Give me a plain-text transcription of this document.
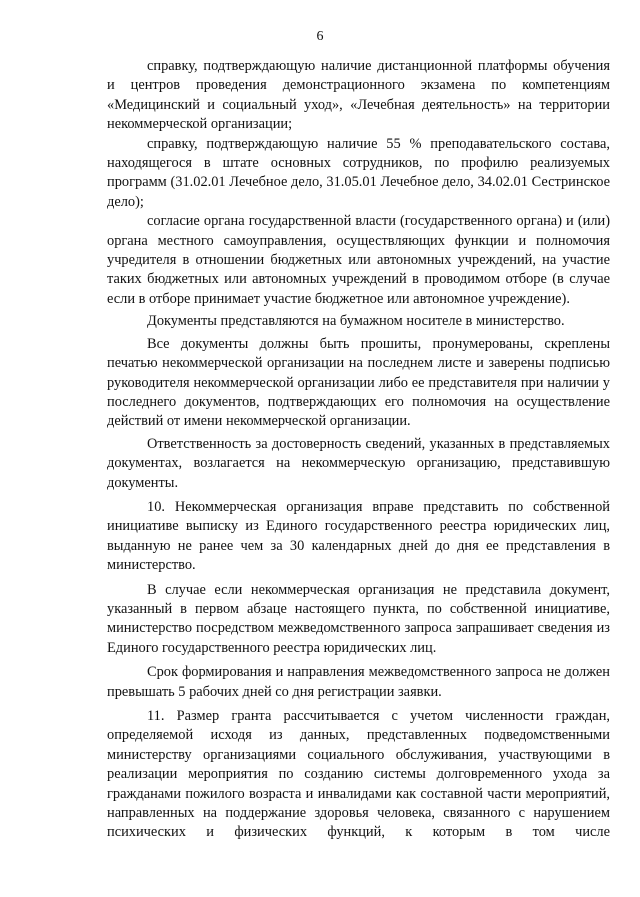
6

справку, подтверждающую наличие дистанционной платформы обучения и центров проведения демонстрационного экзамена по компетенциям «Медицинский и социальный уход», «Лечебная деятельность» на территории некоммерческой организации;

справку, подтверждающую наличие 55 % преподавательского состава, находящегося в штате основных сотрудников, по профилю реализуемых программ (31.02.01 Лечебное дело, 31.05.01 Лечебное дело, 34.02.01 Сестринское дело);

согласие органа государственной власти (государственного органа) и (или) органа местного самоуправления, осуществляющих функции и полномочия учредителя в отношении бюджетных или автономных учреждений, на участие таких бюджетных или автономных учреждений в проводимом отборе (в случае если в отборе принимает участие бюджетное или автономное учреждение).

Документы представляются на бумажном носителе в министерство.

Все документы должны быть прошиты, пронумерованы, скреплены печатью некоммерческой организации на последнем листе и заверены подписью руководителя некоммерческой организации либо ее представителя при наличии у последнего документов, подтверждающих его полномочия на осуществление действий от имени некоммерческой организации.

Ответственность за достоверность сведений, указанных в представляемых документах, возлагается на некоммерческую организацию, представившую документы.

10. Некоммерческая организация вправе представить по собственной инициативе выписку из Единого государственного реестра юридических лиц, выданную не ранее чем за 30 календарных дней до дня ее представления в министерство.

В случае если некоммерческая организация не представила документ, указанный в первом абзаце настоящего пункта, по собственной инициативе, министерство посредством межведомственного запроса запрашивает сведения из Единого государственного реестра юридических лиц.

Срок формирования и направления межведомственного запроса не должен превышать 5 рабочих дней со дня регистрации заявки.

11. Размер гранта рассчитывается с учетом численности граждан, определяемой исходя из данных, представленных подведомственными министерству организациями социального обслуживания, участвующими в реализации мероприятия по созданию системы долговременного ухода за гражданами пожилого возраста и инвалидами как составной части мероприятий, направленных на поддержание здоровья человека, связанного с нарушением психических и физических функций, к которым в том числе
